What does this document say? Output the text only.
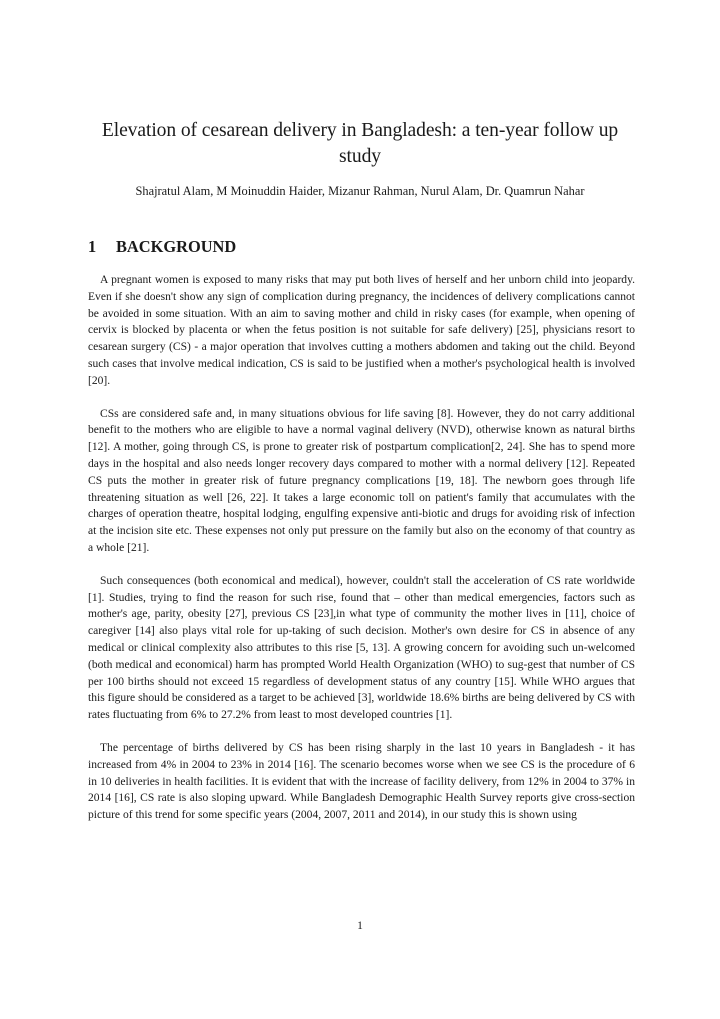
Elevation of cesarean delivery in Bangladesh: a ten-year follow up study
Shajratul Alam, M Moinuddin Haider, Mizanur Rahman, Nurul Alam, Dr. Quamrun Nahar
1 BACKGROUND

A pregnant women is exposed to many risks that may put both lives of herself and her unborn child into jeopardy. Even if she doesn't show any sign of complication during pregnancy, the incidences of delivery complications cannot be avoided in some situation. With an aim to saving mother and child in risky cases (for example, when opening of cervix is blocked by placenta or when the fetus position is not suitable for safe delivery) [25], physicians resort to cesarean surgery (CS) - a major operation that involves cutting a mothers abdomen and taking out the child. Beyond such cases that involve medical indication, CS is said to be justified when a mother's psychological health is involved [20].

CSs are considered safe and, in many situations obvious for life saving [8]. However, they do not carry additional benefit to the mothers who are eligible to have a normal vaginal delivery (NVD), otherwise known as natural births [12]. A mother, going through CS, is prone to greater risk of postpartum complication[2, 24]. She has to spend more days in the hospital and also needs longer recovery days compared to mother with a normal delivery [12]. Repeated CS puts the mother in greater risk of future pregnancy complications [19, 18]. The newborn goes through life threatening situation as well [26, 22]. It takes a large economic toll on patient's family that accumulates with the charges of operation theatre, hospital lodging, engulfing expensive anti-biotic and drugs for avoiding risk of infection at the incision site etc. These expenses not only put pressure on the family but also on the economy of that country as a whole [21].

Such consequences (both economical and medical), however, couldn't stall the acceleration of CS rate worldwide [1]. Studies, trying to find the reason for such rise, found that – other than medical emergencies, factors such as mother's age, parity, obesity [27], previous CS [23],in what type of community the mother lives in [11], choice of caregiver [14] also plays vital role for up-taking of such decision. Mother's own desire for CS in absence of any medical or clinical complexity also attributes to this rise [5, 13]. A growing concern for avoiding such un-welcomed (both medical and economical) harm has prompted World Health Organization (WHO) to sug-gest that number of CS per 100 births should not exceed 15 regardless of development status of any country [15]. While WHO argues that this figure should be considered as a target to be achieved [3], worldwide 18.6% births are being delivered by CS with rates fluctuating from 6% to 27.2% from least to most developed countries [1].

The percentage of births delivered by CS has been rising sharply in the last 10 years in Bangladesh - it has increased from 4% in 2004 to 23% in 2014 [16]. The scenario becomes worse when we see CS is the procedure of 6 in 10 deliveries in health facilities. It is evident that with the increase of facility delivery, from 12% in 2004 to 37% in 2014 [16], CS rate is also sloping upward. While Bangladesh Demographic Health Survey reports give cross-section picture of this trend for some specific years (2004, 2007, 2011 and 2014), in our study this is shown using

1
